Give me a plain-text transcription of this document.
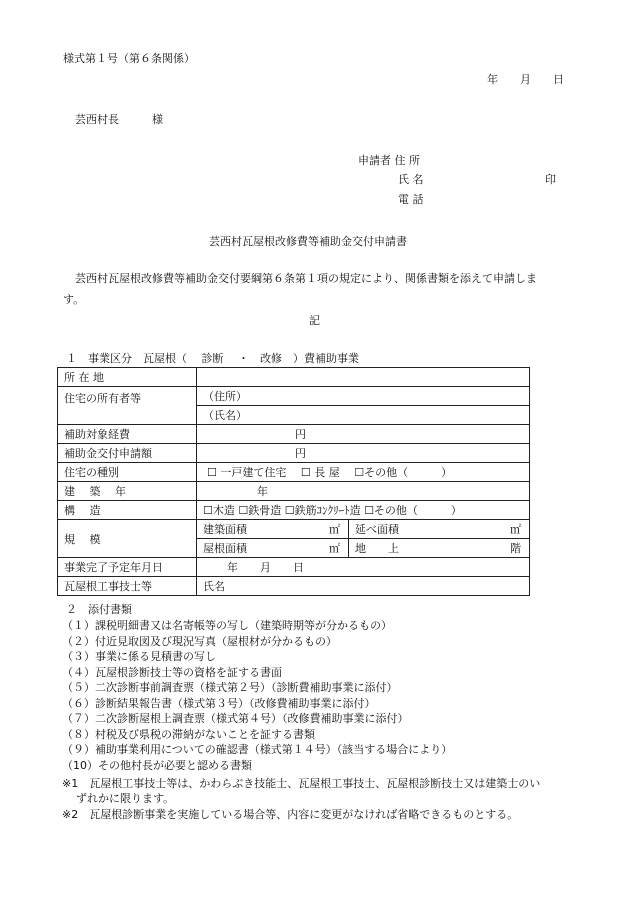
様式第１号（第６条関係）
年　　月　　日
芸西村長　　　様
申請者 住 所
氏 名	印
電 話
芸西村瓦屋根改修費等補助金交付申請書
芸西村瓦屋根改修費等補助金交付要綱第６条第１項の規定により、関係書類を添えて申請しま
す。
記
１　事業区分　瓦屋根（　 診断　 ・　改修　）費補助事業
所 在 地		
住宅の所有者等	（住所）	
	（氏名）	
補助対象経費	円	
補助金交付申請額	円	
住宅の種別	☐ 一戸建て住宅　 ☐ 長 屋　 ☐その他（　　　）	
建　 築　 年	年	
構　 造	☐木造 ☐鉄骨造 ☐鉄筋ｺﾝｸﾘｰﾄ造 ☐その他（　　　）	
規　 模	建築面積 ㎡	延べ面積 ㎡

	屋根面積 ㎡	地　　上 階

事業完了予定年月日	年　　月　　日	
瓦屋根工事技士等	氏名	
２　添付書類
（１）課税明細書又は名寄帳等の写し（建築時期等が分かるもの）
（２）付近見取図及び現況写真（屋根材が分かるもの）
（３）事業に係る見積書の写し
（４）瓦屋根診断技士等の資格を証する書面
（５）二次診断事前調査票（様式第２号）（診断費補助事業に添付）
（６）診断結果報告書（様式第３号）（改修費補助事業に添付）
（７）二次診断屋根上調査票（様式第４号）（改修費補助事業に添付）
（８）村税及び県税の滞納がないことを証する書類
（９）補助事業利用についての確認書（様式第１４号）（該当する場合により）
（10）その他村長が必要と認める書類
※1　瓦屋根工事技士等は、かわらぶき技能士、瓦屋根工事技士、瓦屋根診断技士又は建築士のい
ずれかに限ります。
※2　瓦屋根診断事業を実施している場合等、内容に変更がなければ省略できるものとする。
